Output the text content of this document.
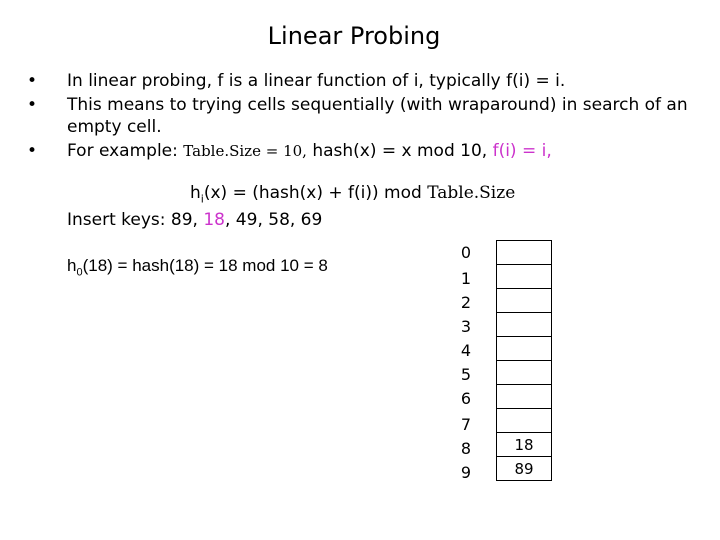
Linear Probing
• In linear probing, f is a linear function of i, typically f(i) = i.
• This means to trying cells sequentially (with wraparound) in search of an
empty cell.
• For example: Table.Size = 10, hash(x) = x mod 10, f(i) = i,
$h_i(x)$ = (hash(x) + f(i)) mod Table.Size
Insert keys: 89, 18, 49, 58, 69
$h_0(18)$ = hash(18) = 18 mod 10 = 8
0
1
2
3
4
5
6
7
8	18
9	89
